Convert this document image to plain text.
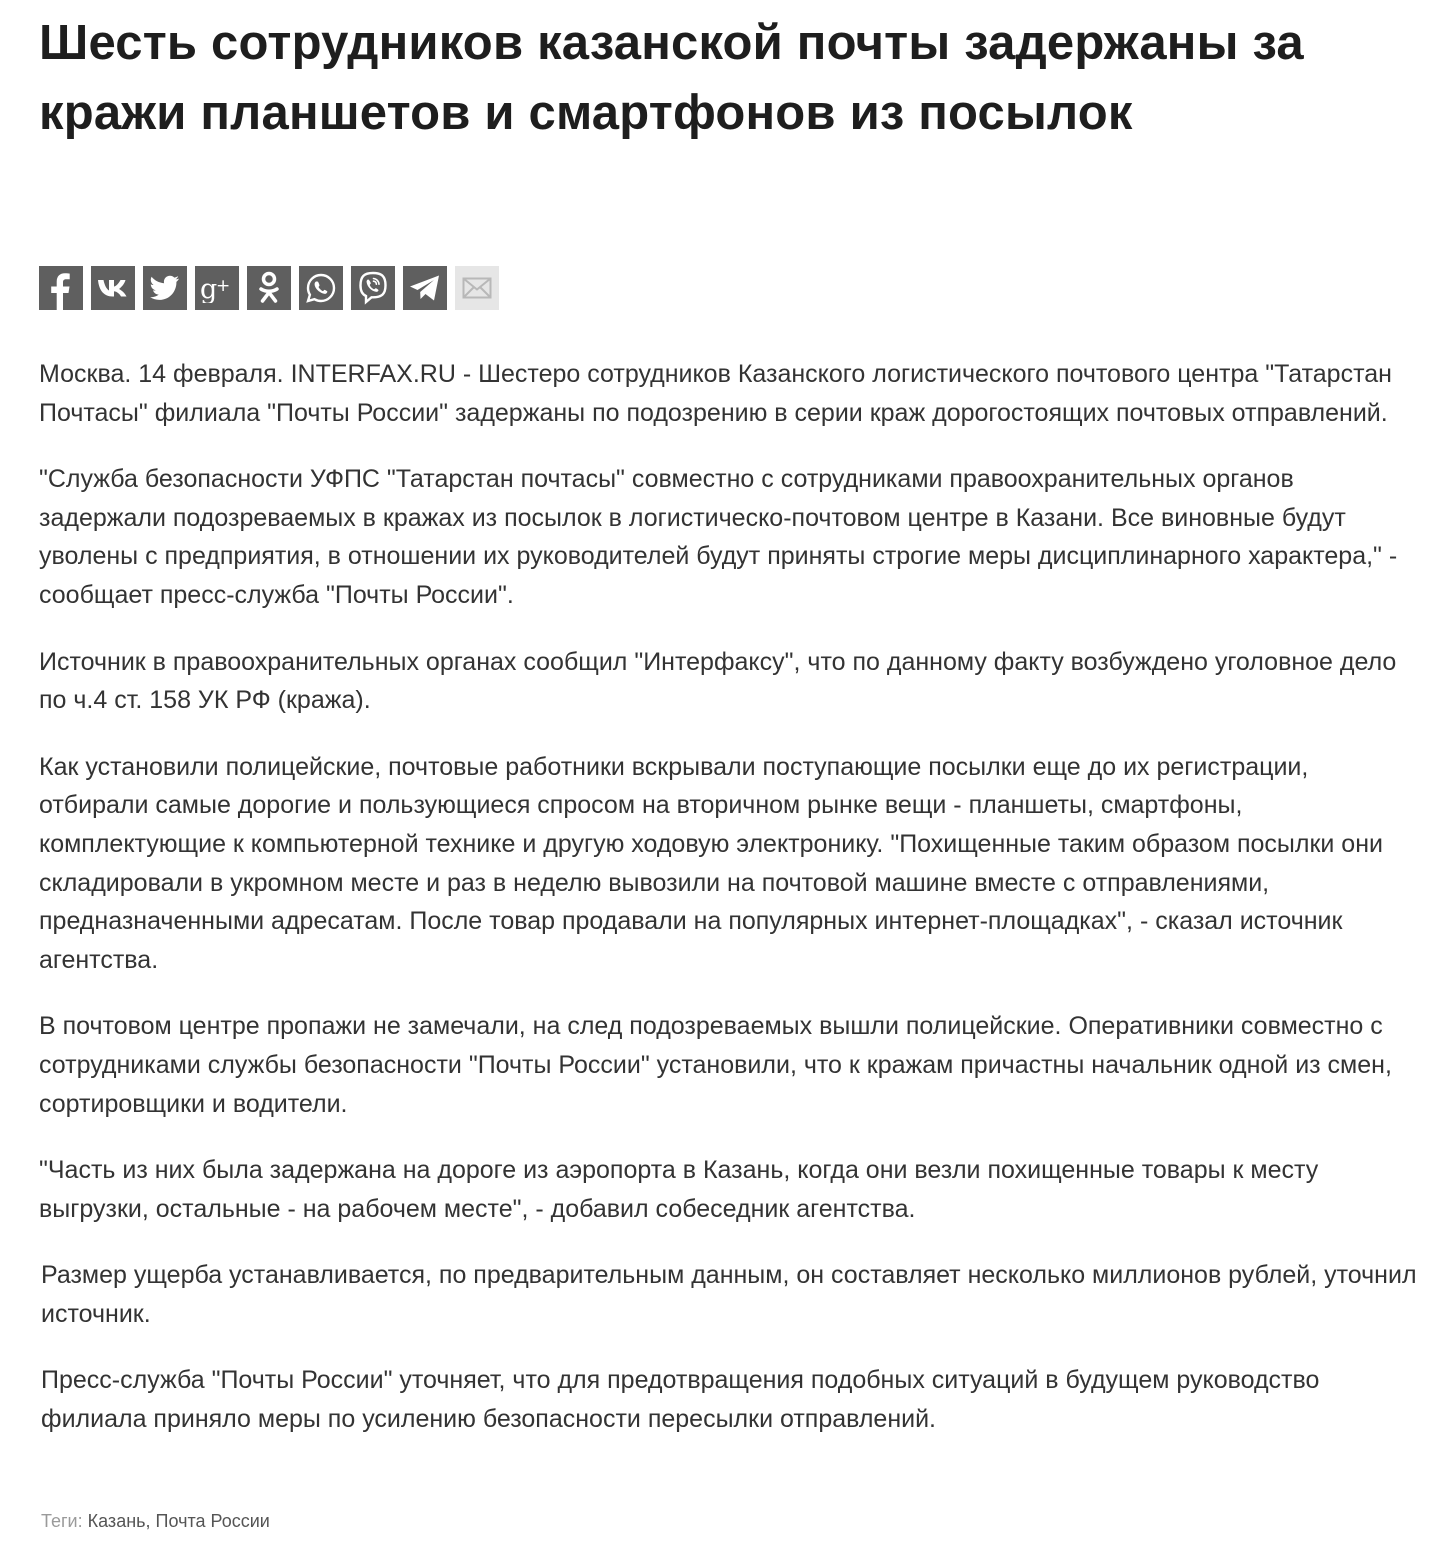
Шесть сотрудников казанской почты задержаны за кражи планшетов и смартфонов из посылок
g
+

Москва. 14 февраля. INTERFAX.RU - Шестеро сотрудников Казанского логистического почтового центра "Татарстан Почтасы" филиала "Почты России" задержаны по подозрению в серии краж дорогостоящих почтовых отправлений.

"Служба безопасности УФПС "Татарстан почтасы" совместно с сотрудниками правоохранительных органов задержали подозреваемых в кражах из посылок в логистическо-почтовом центре в Казани. Все виновные будут уволены с предприятия, в отношении их руководителей будут приняты строгие меры дисциплинарного характера," - сообщает пресс-служба "Почты России".

Источник в правоохранительных органах сообщил "Интерфаксу", что по данному факту возбуждено уголовное дело по ч.4 ст. 158 УК РФ (кража).

Как установили полицейские, почтовые работники вскрывали поступающие посылки еще до их регистрации, отбирали самые дорогие и пользующиеся спросом на вторичном рынке вещи - планшеты, смартфоны, комплектующие к компьютерной технике и другую ходовую электронику. "Похищенные таким образом посылки они складировали в укромном месте и раз в неделю вывозили на почтовой машине вместе с отправлениями, предназначенными адресатам. После товар продавали на популярных интернет-площадках", - сказал источник агентства.

В почтовом центре пропажи не замечали, на след подозреваемых вышли полицейские. Оперативники совместно с сотрудниками службы безопасности "Почты России" установили, что к кражам причастны начальник одной из смен, сортировщики и водители.

"Часть из них была задержана на дороге из аэропорта в Казань, когда они везли похищенные товары к месту выгрузки, остальные - на рабочем месте", - добавил собеседник агентства.

Размер ущерба устанавливается, по предварительным данным, он составляет несколько миллионов рублей, уточнил источник.

Пресс-служба "Почты России" уточняет, что для предотвращения подобных ситуаций в будущем руководство филиала приняло меры по усилению безопасности пересылки отправлений.

Теги: Казань, Почта России
